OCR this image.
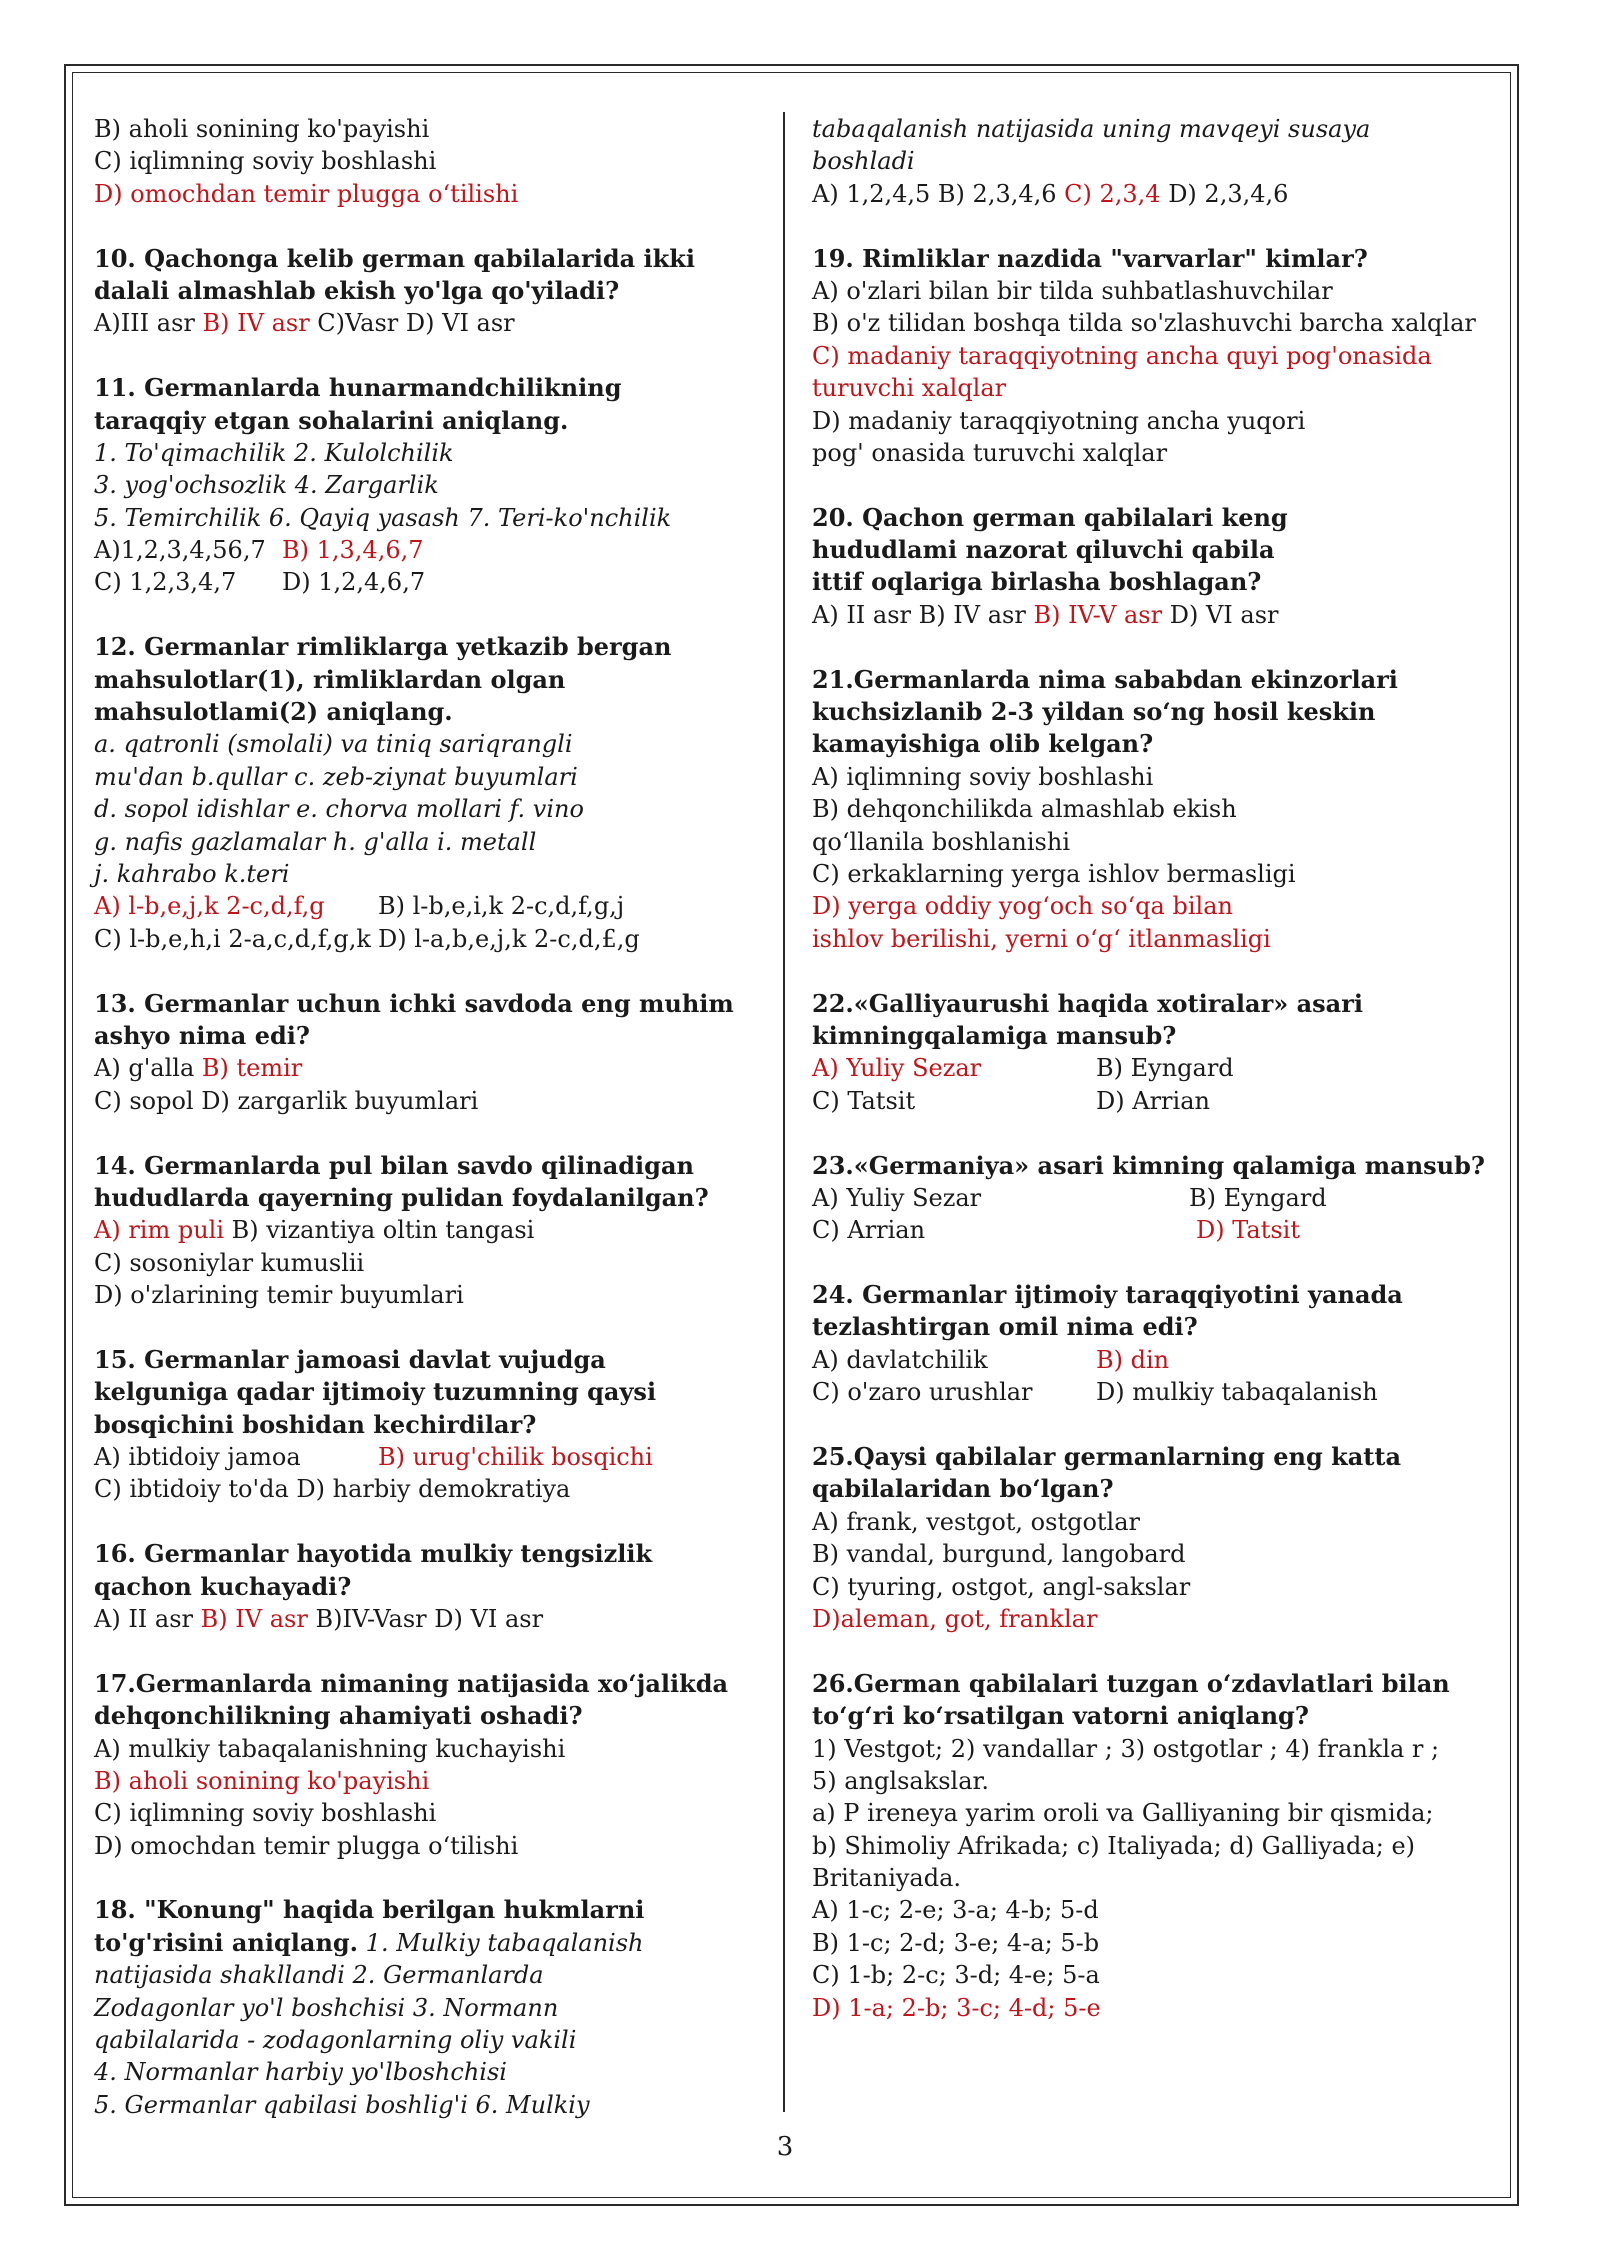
B) aholi sonining ko'payishi
C) iqlimning soviy boshlashi
D) omochdan temir plugga o‘tilishi
10. Qachonga kelib german qabilalarida ikki
dalali almashlab ekish yo'lga qo'yiladi?
A)III asr B) IV asr C)Vasr D) VI asr
11. Germanlarda hunarmandchilikning
taraqqiy etgan sohalarini aniqlang.
1. To'qimachilik 2. Kulolchilik
3. yog'ochsozlik 4. Zargarlik
5. Temirchilik 6. Qayiq yasash 7. Teri-ko'nchilik
A)1,2,3,4,56,7 B) 1,3,4,6,7
C) 1,2,3,4,7 D) 1,2,4,6,7
12. Germanlar rimliklarga yetkazib bergan
mahsulotlar(1), rimliklardan olgan
mahsulotlami(2) aniqlang.
a. qatronli (smolali) va tiniq sariqrangli
mu'dan b.qullar c. zeb-ziynat buyumlari
d. sopol idishlar e. chorva mollari f. vino
g. nafis gazlamalar h. g'alla i. metall
j. kahrabo k.teri
A) l-b,e,j,k 2-c,d,f,g B) l-b,e,i,k 2-c,d,f,g,j
C) l-b,e,h,i 2-a,c,d,f,g,k D) l-a,b,e,j,k 2-c,d,£,g
13. Germanlar uchun ichki savdoda eng muhim
ashyo nima edi?
A) g'alla B) temir
C) sopol D) zargarlik buyumlari
14. Germanlarda pul bilan savdo qilinadigan
hududlarda qayerning pulidan foydalanilgan?
A) rim puli B) vizantiya oltin tangasi
C) sosoniylar kumuslii
D) o'zlarining temir buyumlari
15. Germanlar jamoasi davlat vujudga
kelguniga qadar ijtimoiy tuzumning qaysi
bosqichini boshidan kechirdilar?
A) ibtidoiy jamoa	B) urug'chilik bosqichi
C) ibtidoiy to'da D) harbiy demokratiya
16. Germanlar hayotida mulkiy tengsizlik
qachon kuchayadi?
A) II asr B) IV asr B)IV-Vasr D) VI asr
17.Germanlarda nimaning natijasida xo‘jalikda
dehqonchilikning ahamiyati oshadi?
A) mulkiy tabaqalanishning kuchayishi
B) aholi sonining ko'payishi
C) iqlimning soviy boshlashi
D) omochdan temir plugga o‘tilishi
18. "Konung" haqida berilgan hukmlarni
to'g'risini aniqlang. 1. Mulkiy tabaqalanish
natijasida shakllandi 2. Germanlarda
Zodagonlar yo'l boshchisi 3. Normann
qabilalarida - zodagonlarning oliy vakili
4. Normanlar harbiy yo'lboshchisi
5. Germanlar qabilasi boshlig'i 6. Mulkiy
tabaqalanish natijasida uning mavqeyi susaya
boshladi
A) 1,2,4,5 B) 2,3,4,6 C) 2,3,4 D) 2,3,4,6
19. Rimliklar nazdida "varvarlar" kimlar?
A) o'zlari bilan bir tilda suhbatlashuvchilar
B) o'z tilidan boshqa tilda so'zlashuvchi barcha xalqlar
C) madaniy taraqqiyotning ancha quyi pog'onasida
turuvchi xalqlar
D) madaniy taraqqiyotning ancha yuqori
pog' onasida turuvchi xalqlar
20. Qachon german qabilalari keng
hududlami nazorat qiluvchi qabila
ittif oqlariga birlasha boshlagan?
A) II asr B) IV asr B) IV-V asr D) VI asr
21.Germanlarda nima sababdan ekinzorlari
kuchsizlanib 2-3 yildan so‘ng hosil keskin
kamayishiga olib kelgan?
A) iqlimning soviy boshlashi
B) dehqonchilikda almashlab ekish
qo‘llanila boshlanishi
C) erkaklarning yerga ishlov bermasligi
D) yerga oddiy yog‘och so‘qa bilan
ishlov berilishi, yerni o‘g‘ itlanmasligi
22.«Galliyaurushi haqida xotiralar» asari
kimningqalamiga mansub?
A) Yuliy Sezar	B) Eyngard
C) Tatsit	D) Arrian
23.«Germaniya» asari kimning qalamiga mansub?
A) Yuliy Sezar	B) Eyngard
C) Arrian	D) Tatsit
24. Germanlar ijtimoiy taraqqiyotini yanada
tezlashtirgan omil nima edi?
A) davlatchilik	B) din
C) o'zaro urushlar	D) mulkiy tabaqalanish
25.Qaysi qabilalar germanlarning eng katta
qabilalaridan bo‘lgan?
A) frank, vestgot, ostgotlar
B) vandal, burgund, langobard
C) tyuring, ostgot, angl-sakslar
D)aleman, got, franklar
26.German qabilalari tuzgan o‘zdavlatlari bilan
to‘g‘ri ko‘rsatilgan vatorni aniqlang?
1) Vestgot; 2) vandallar ; 3) ostgotlar ; 4) frankla r ;
5) anglsakslar.
a) P ireneya yarim oroli va Galliyaning bir qismida;
b) Shimoliy Afrikada; c) Italiyada; d) Galliyada; e)
Britaniyada.
A) 1-c; 2-e; 3-a; 4-b; 5-d
B) 1-c; 2-d; 3-e; 4-a; 5-b
C) 1-b; 2-c; 3-d; 4-e; 5-a
D) 1-a; 2-b; 3-c; 4-d; 5-e
3
